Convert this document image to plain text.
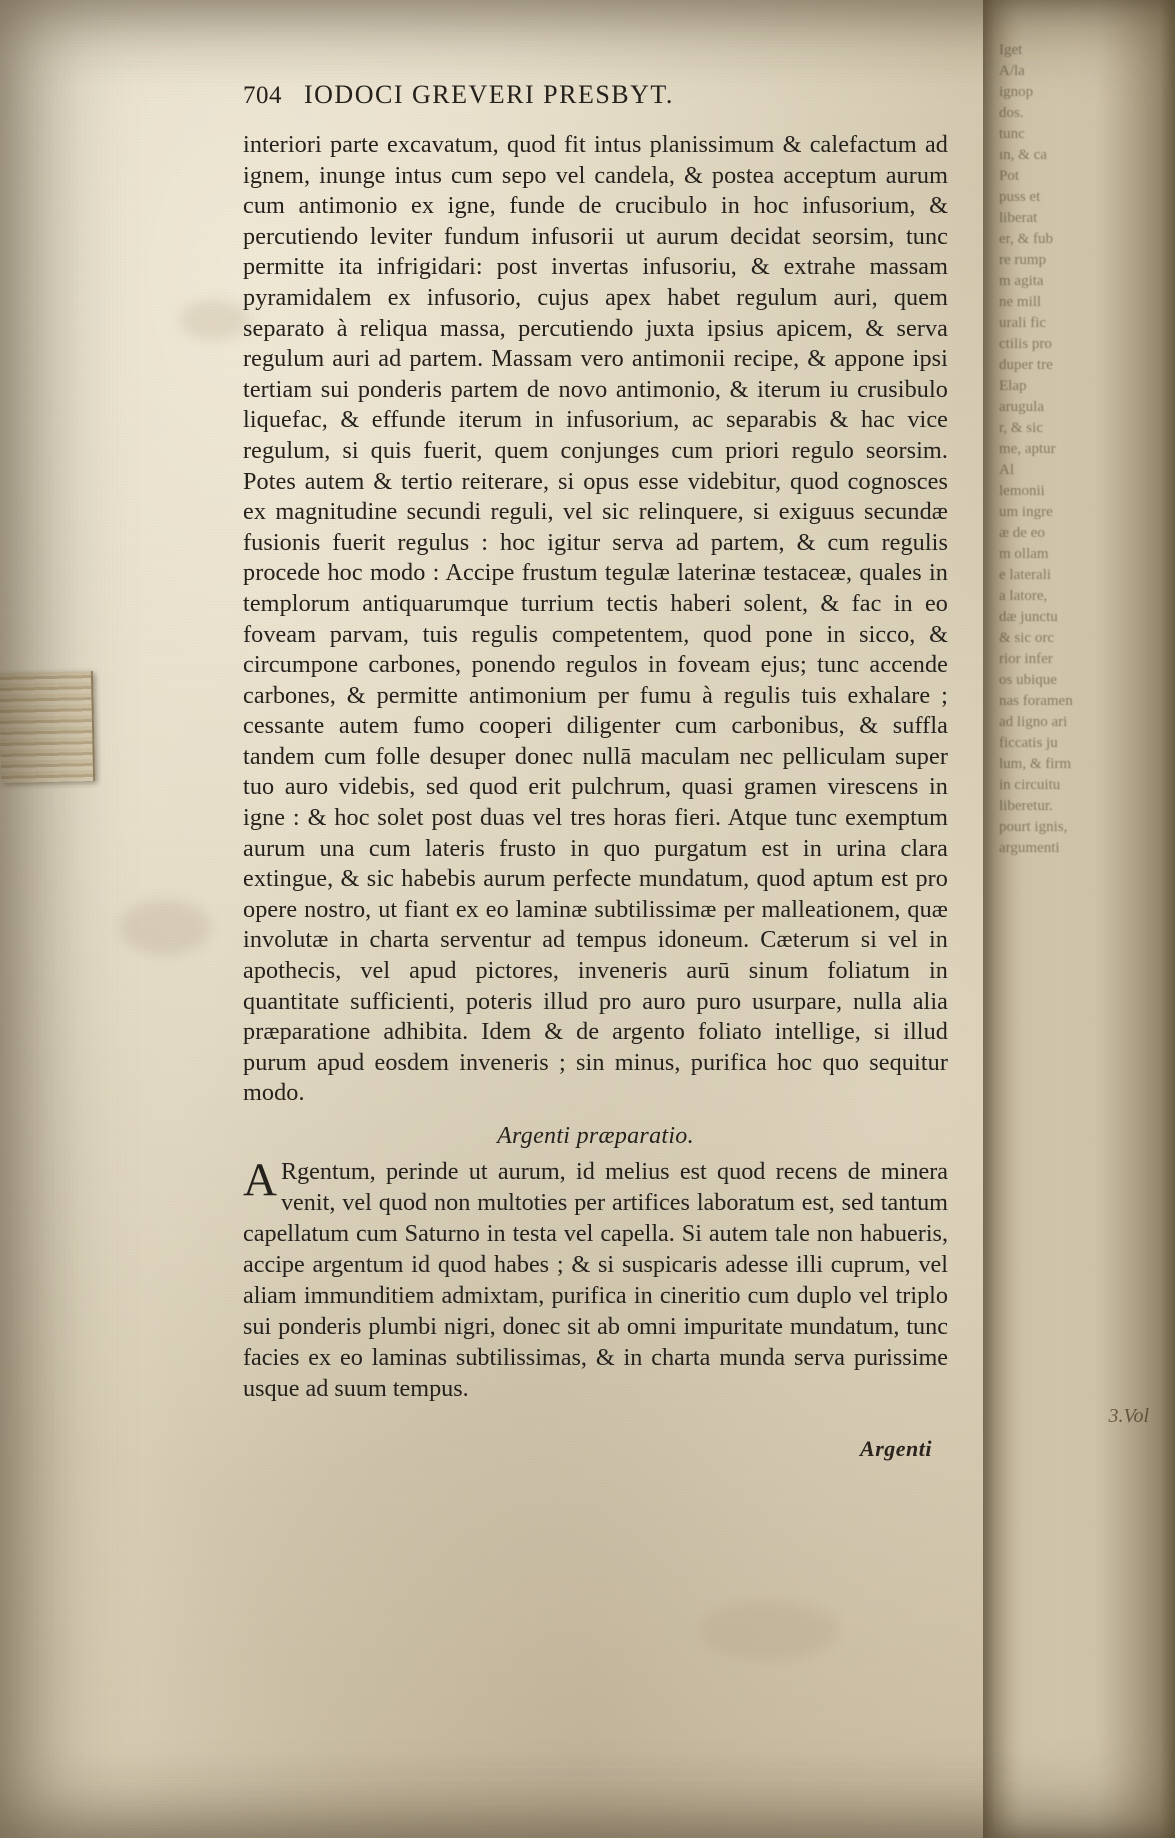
Iget
A/la
ignop
dos.
tunc
ın, & ca
Pot
puss et
liberat
er, & fub
re rump
m agita
ne mill
urali fic
ctilis pro
duper tre
Elap
arugula
r, & sic
me, aptur
Al
lemonii
um ingre
æ de eo
m ollam
e laterali
a latore,
dæ junctu
& sic orc
rior infer
os ubique
nas foramen
ad ligno ari
ficcatis ju
lum, & firm
in circuitu
liberetur.
pourt ignis,
argumenti
3.Vol
704 IODOCI GREVERI PRESBYT.

interiori parte excavatum, quod fit intus planissimum & calefactum ad ignem, inunge intus cum sepo vel candela, & postea acceptum aurum cum antimonio ex igne, funde de crucibulo in hoc infusorium, & percutiendo leviter fundum infusorii ut aurum decidat seorsim, tunc permitte ita infrigidari: post invertas infusoriu, & extrahe massam pyramidalem ex infusorio, cujus apex habet regulum auri, quem separato à reliqua massa, percutiendo juxta ipsius apicem, & serva regulum auri ad partem. Massam vero antimonii recipe, & appone ipsi tertiam sui ponderis partem de novo antimonio, & iterum iu crusibulo liquefac, & effunde iterum in infusorium, ac separabis & hac vice regulum, si quis fuerit, quem conjunges cum priori regulo seorsim. Potes autem & tertio reiterare, si opus esse videbitur, quod cognosces ex magnitudine secundi reguli, vel sic relinquere, si exiguus secundæ fusionis fuerit regulus : hoc igitur serva ad partem, & cum regulis procede hoc modo : Accipe frustum tegulæ laterinæ testaceæ, quales in templorum antiquarumque turrium tectis haberi solent, & fac in eo foveam parvam, tuis regulis competentem, quod pone in sicco, & circumpone carbones, ponendo regulos in foveam ejus; tunc accende carbones, & permitte antimonium per fumu à regulis tuis exhalare ; cessante autem fumo cooperi diligenter cum carbonibus, & suffla tandem cum folle desuper donec nullā maculam nec pelliculam super tuo auro videbis, sed quod erit pulchrum, quasi gramen virescens in igne : & hoc solet post duas vel tres horas fieri. Atque tunc exemptum aurum una cum lateris frusto in quo purgatum est in urina clara extingue, & sic habebis aurum perfecte mundatum, quod aptum est pro opere nostro, ut fiant ex eo laminæ subtilissimæ per malleationem, quæ involutæ in charta serventur ad tempus idoneum. Cæterum si vel in apothecis, vel apud pictores, inveneris aurū sinum foliatum in quantitate sufficienti, poteris illud pro auro puro usurpare, nulla alia præparatione adhibita. Idem & de argento foliato intellige, si illud purum apud eosdem inveneris ; sin minus, purifica hoc quo sequitur modo.

Argenti præparatio.
A Rgentum, perinde ut aurum, id melius est quod recens de minera venit, vel quod non multoties per artifices laboratum est, sed tantum capellatum cum Saturno in testa vel capella. Si autem tale non habueris, accipe argentum id quod habes ; & si suspicaris adesse illi cuprum, vel aliam immunditiem admixtam, purifica in cineritio cum duplo vel triplo sui ponderis plumbi nigri, donec sit ab omni impuritate mundatum, tunc facies ex eo laminas subtilissimas, & in charta munda serva purissime usque ad suum tempus.
Argenti
